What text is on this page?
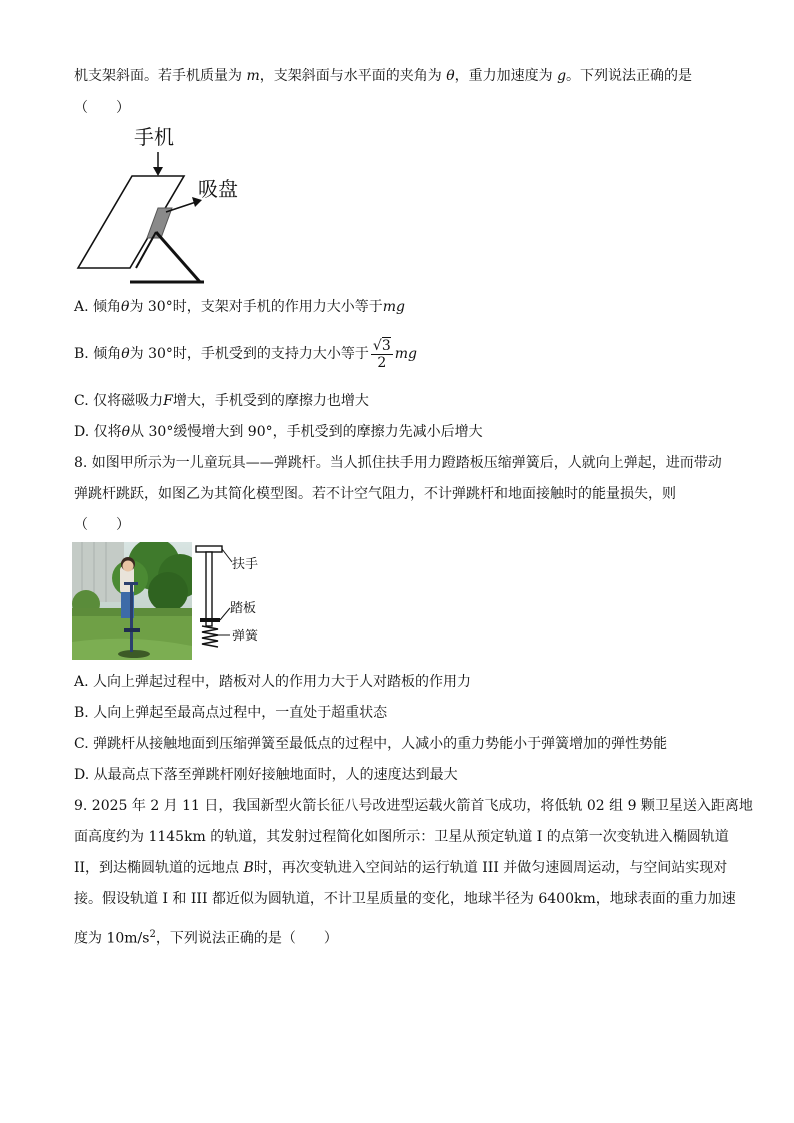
机支架斜面。若手机质量为 m，支架斜面与水平面的夹角为 θ，重力加速度为 g。下列说法正确的是
（　　）
手机
吸盘
A. 倾角θ为 30°时，支架对手机的作用力大小等于mg
B. 倾角θ为 30°时，手机受到的支持力大小等于 $\frac{√3}{2}$ mg
C. 仅将磁吸力F增大，手机受到的摩擦力也增大
D. 仅将θ从 30°缓慢增大到 90°，手机受到的摩擦力先减小后增大
8. 如图甲所示为一儿童玩具——弹跳杆。当人抓住扶手用力蹬踏板压缩弹簧后，人就向上弹起，进而带动
弹跳杆跳跃，如图乙为其简化模型图。若不计空气阻力，不计弹跳杆和地面接触时的能量损失，则
（　　）
扶手
踏板
弹簧
A. 人向上弹起过程中，踏板对人的作用力大于人对踏板的作用力
B. 人向上弹起至最高点过程中，一直处于超重状态
C. 弹跳杆从接触地面到压缩弹簧至最低点的过程中，人减小的重力势能小于弹簧增加的弹性势能
D. 从最高点下落至弹跳杆刚好接触地面时，人的速度达到最大
9. 2025 年 2 月 11 日，我国新型火箭长征八号改进型运载火箭首飞成功，将低轨 02 组 9 颗卫星送入距离地
面高度约为 1145km 的轨道，其发射过程简化如图所示：卫星从预定轨道 I 的点第一次变轨进入椭圆轨道
II，到达椭圆轨道的远地点 B时，再次变轨进入空间站的运行轨道 III 并做匀速圆周运动，与空间站实现对
接。假设轨道 I 和 III 都近似为圆轨道，不计卫星质量的变化，地球半径为 6400km，地球表面的重力加速
度为 $10m/s^2$，下列说法正确的是（　　）
